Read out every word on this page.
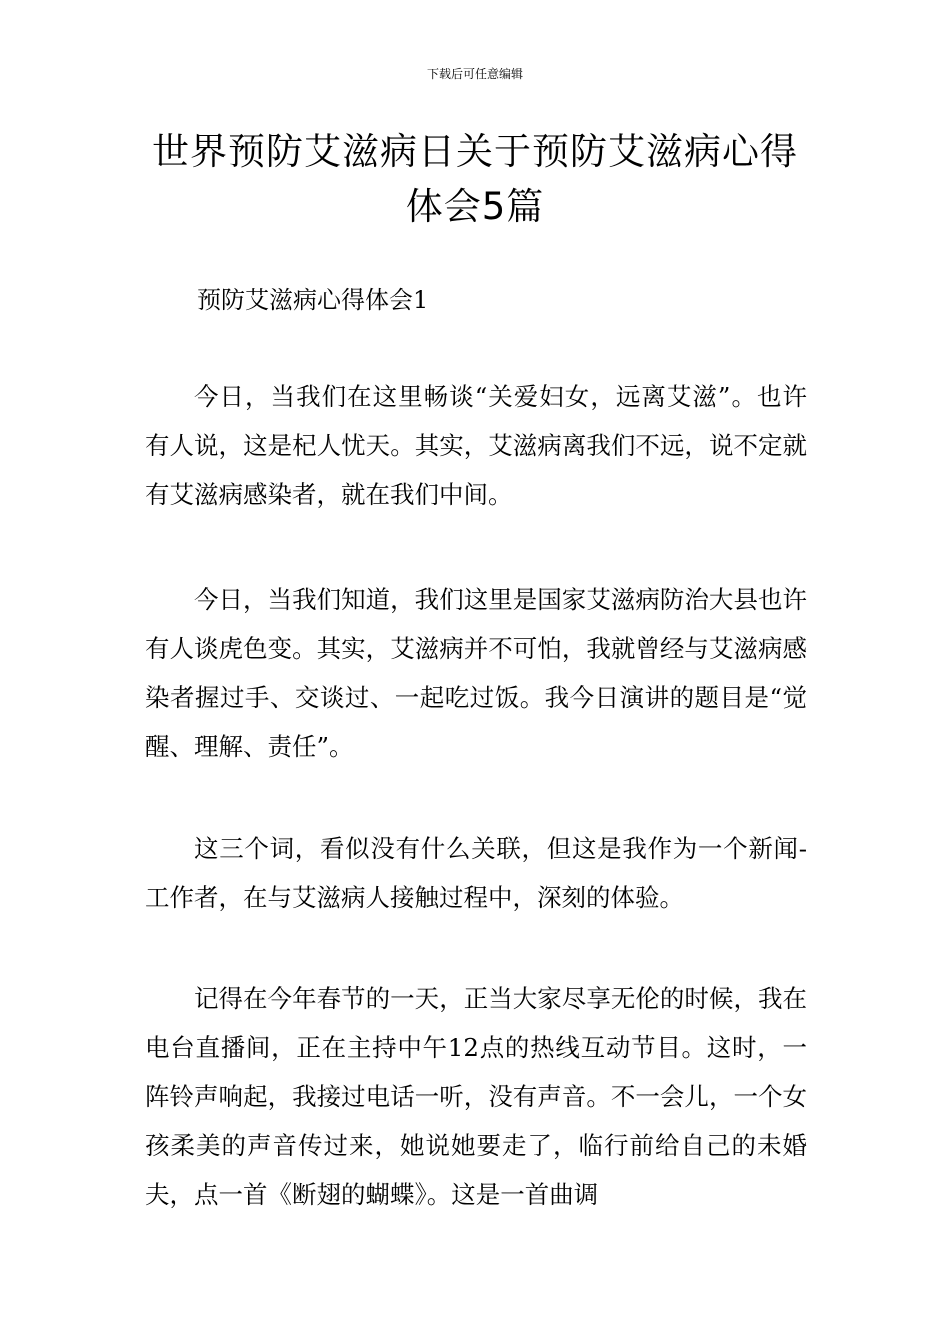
下载后可任意编辑
世界预防艾滋病日关于预防艾滋病心得体会5篇
预防艾滋病心得体会1

今日，当我们在这里畅谈“关爱妇女，远离艾滋”。也许有人说，这是杞人忧天。其实，艾滋病离我们不远，说不定就有艾滋病感染者，就在我们中间。

今日，当我们知道，我们这里是国家艾滋病防治大县也许有人谈虎色变。其实，艾滋病并不可怕，我就曾经与艾滋病感染者握过手、交谈过、一起吃过饭。我今日演讲的题目是“觉醒、理解、责任”。

这三个词，看似没有什么关联，但这是我作为一个新闻-工作者，在与艾滋病人接触过程中，深刻的体验。

记得在今年春节的一天，正当大家尽享无伦的时候，我在电台直播间，正在主持中午12点的热线互动节目。这时，一阵铃声响起，我接过电话一听，没有声音。不一会儿，一个女孩柔美的声音传过来，她说她要走了，临行前给自己的未婚夫，点一首《断翅的蝴蝶》。这是一首曲调
